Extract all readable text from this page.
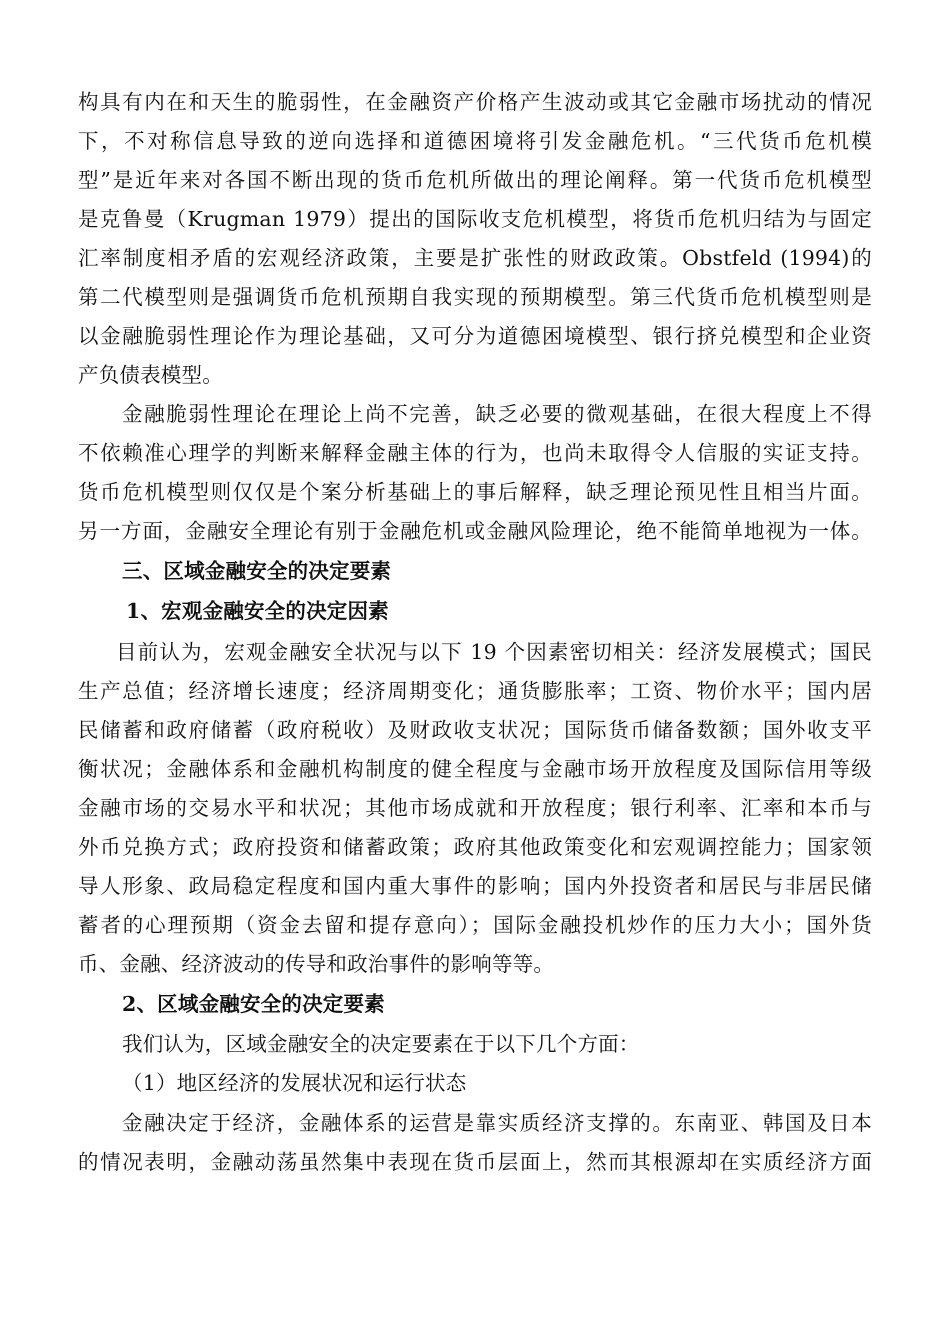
构具有内在和天生的脆弱性，在金融资产价格产生波动或其它金融市场扰动的情况
下，不对称信息导致的逆向选择和道德困境将引发金融危机。“三代货币危机模
型”是近年来对各国不断出现的货币危机所做出的理论阐释。第一代货币危机模型
是克鲁曼（Krugman 1979）提出的国际收支危机模型，将货币危机归结为与固定
汇率制度相矛盾的宏观经济政策，主要是扩张性的财政政策。Obstfeld (1994)的
第二代模型则是强调货币危机预期自我实现的预期模型。第三代货币危机模型则是
以金融脆弱性理论作为理论基础，又可分为道德困境模型、银行挤兑模型和企业资
产负债表模型。
金融脆弱性理论在理论上尚不完善，缺乏必要的微观基础，在很大程度上不得
不依赖准心理学的判断来解释金融主体的行为，也尚未取得令人信服的实证支持。
货币危机模型则仅仅是个案分析基础上的事后解释，缺乏理论预见性且相当片面。
另一方面，金融安全理论有别于金融危机或金融风险理论，绝不能简单地视为一体。
三、区域金融安全的决定要素
1、宏观金融安全的决定因素
目前认为，宏观金融安全状况与以下 19 个因素密切相关：经济发展模式；国民
生产总值；经济增长速度；经济周期变化；通货膨胀率；工资、物价水平；国内居
民储蓄和政府储蓄（政府税收）及财政收支状况；国际货币储备数额；国外收支平
衡状况；金融体系和金融机构制度的健全程度与金融市场开放程度及国际信用等级
金融市场的交易水平和状况；其他市场成就和开放程度；银行利率、汇率和本币与
外币兑换方式；政府投资和储蓄政策；政府其他政策变化和宏观调控能力；国家领
导人形象、政局稳定程度和国内重大事件的影响；国内外投资者和居民与非居民储
蓄者的心理预期（资金去留和提存意向）；国际金融投机炒作的压力大小；国外货
币、金融、经济波动的传导和政治事件的影响等等。
2、区域金融安全的决定要素
我们认为，区域金融安全的决定要素在于以下几个方面：
（1）地区经济的发展状况和运行状态
金融决定于经济，金融体系的运营是靠实质经济支撑的。东南亚、韩国及日本
的情况表明，金融动荡虽然集中表现在货币层面上，然而其根源却在实质经济方面
